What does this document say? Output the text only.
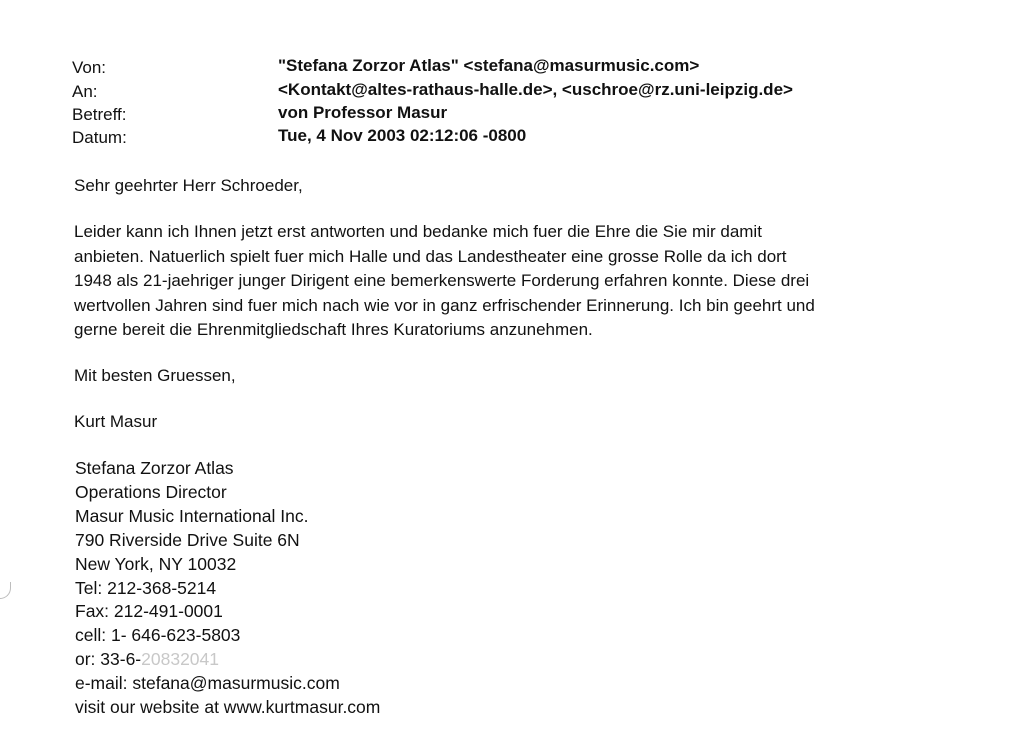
Von:	"Stefana Zorzor Atlas" <stefana@masurmusic.com>
An:	<Kontakt@altes-rathaus-halle.de>, <uschroe@rz.uni-leipzig.de>
Betreff:	von Professor Masur
Datum:	Tue, 4 Nov 2003 02:12:06 -0800
Sehr geehrter Herr Schroeder,
Leider kann ich Ihnen jetzt erst antworten und bedanke mich fuer die Ehre die Sie mir damit
anbieten. Natuerlich spielt fuer mich Halle und das Landestheater eine grosse Rolle da ich dort
1948 als 21-jaehriger junger Dirigent eine bemerkenswerte Forderung erfahren konnte. Diese drei
wertvollen Jahren sind fuer mich nach wie vor in ganz erfrischender Erinnerung. Ich bin geehrt und
gerne bereit die Ehrenmitgliedschaft Ihres Kuratoriums anzunehmen.
Mit besten Gruessen,
Kurt Masur
Stefana Zorzor Atlas
Operations Director
Masur Music International Inc.
790 Riverside Drive Suite 6N
New York, NY 10032
Tel: 212-368-5214
Fax: 212-491-0001
cell: 1- 646-623-5803
or: 33-6-20832041
e-mail: stefana@masurmusic.com
visit our website at www.kurtmasur.com
